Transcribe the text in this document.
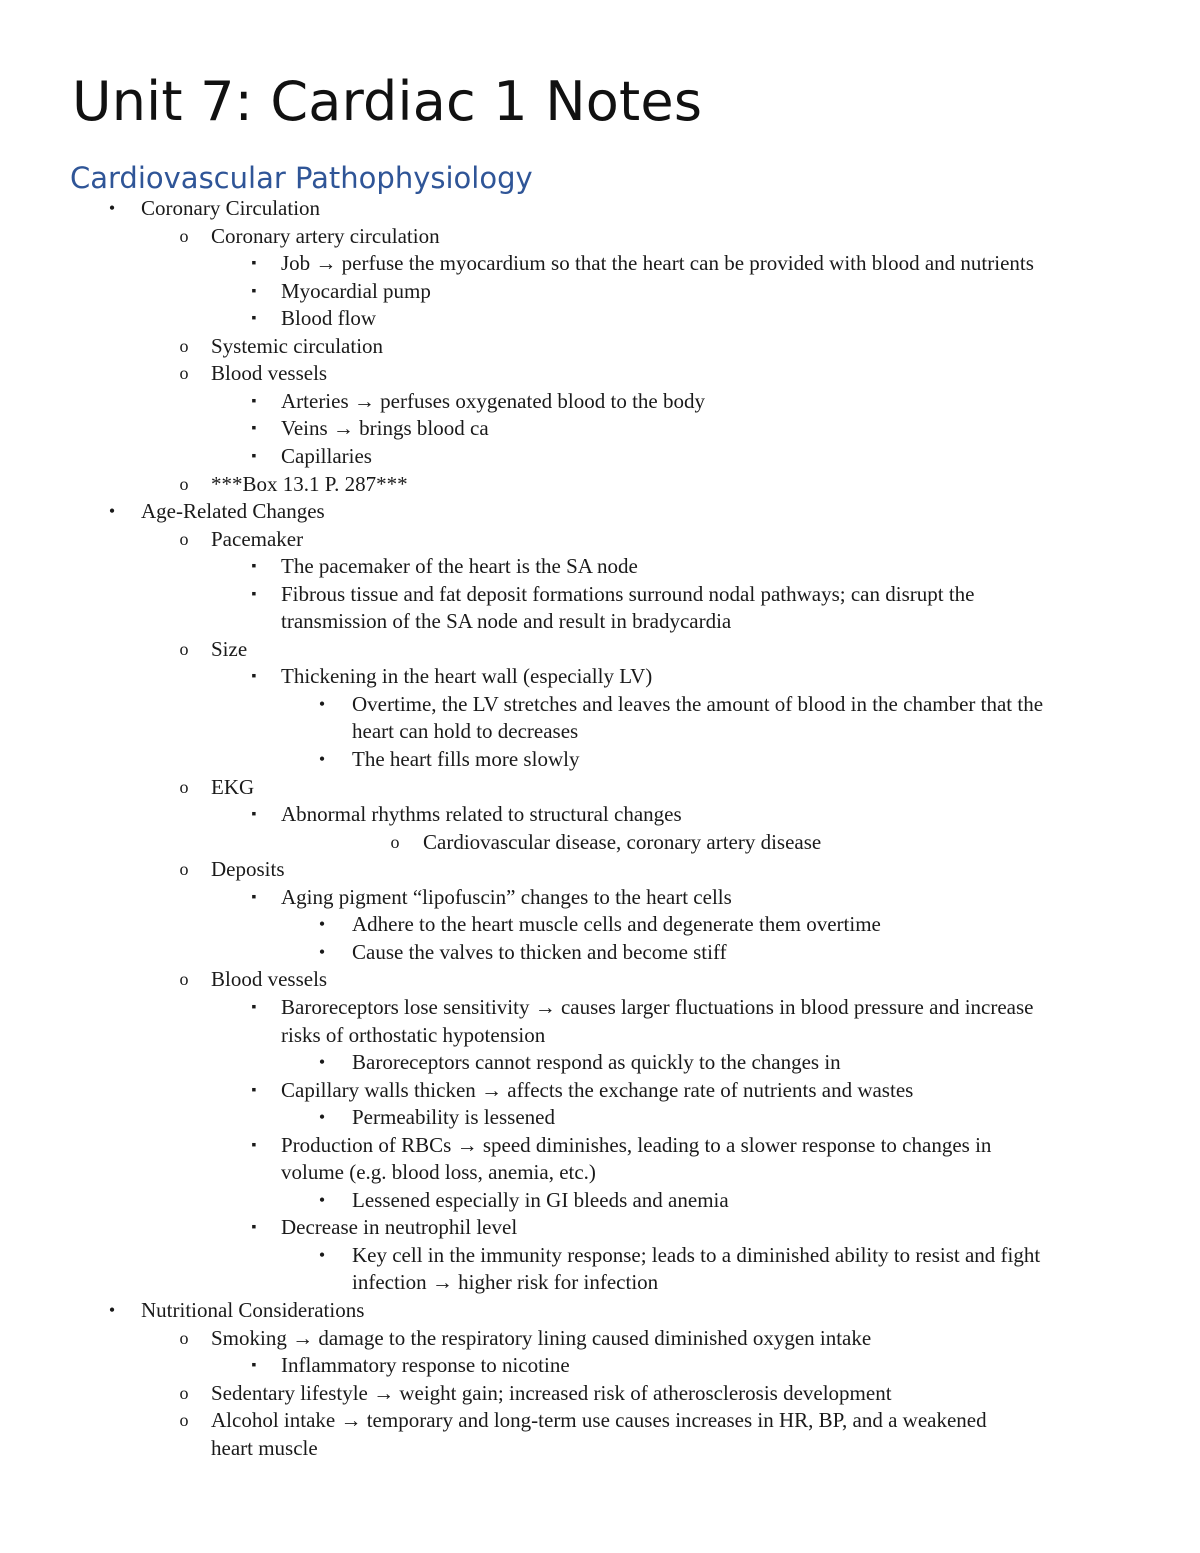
Unit 7: Cardiac 1 Notes
Cardiovascular Pathophysiology
• Coronary Circulation
o Coronary artery circulation
▪	Job → perfuse the myocardium so that the heart can be provided with blood and nutrients
▪	Myocardial pump
▪	Blood flow
o Systemic circulation
o Blood vessels
▪	Arteries → perfuses oxygenated blood to the body
▪	Veins → brings blood ca
▪	Capillaries
o ***Box 13.1 P. 287***
• Age-Related Changes
o Pacemaker
▪	The pacemaker of the heart is the SA node
▪	Fibrous tissue and fat deposit formations surround nodal pathways; can disrupt the
transmission of the SA node and result in bradycardia
o Size
▪	Thickening in the heart wall (especially LV)
• Overtime, the LV stretches and leaves the amount of blood in the chamber that the
heart can hold to decreases
• The heart fills more slowly
o EKG
▪	Abnormal rhythms related to structural changes
o Cardiovascular disease, coronary artery disease
o Deposits
▪	Aging pigment “lipofuscin” changes to the heart cells
• Adhere to the heart muscle cells and degenerate them overtime
• Cause the valves to thicken and become stiff
o Blood vessels
▪	Baroreceptors lose sensitivity → causes larger fluctuations in blood pressure and increase
risks of orthostatic hypotension
• Baroreceptors cannot respond as quickly to the changes in
▪	Capillary walls thicken → affects the exchange rate of nutrients and wastes
• Permeability is lessened
▪	Production of RBCs → speed diminishes, leading to a slower response to changes in
volume (e.g. blood loss, anemia, etc.)
• Lessened especially in GI bleeds and anemia
▪	Decrease in neutrophil level
• Key cell in the immunity response; leads to a diminished ability to resist and fight
infection → higher risk for infection
• Nutritional Considerations
o Smoking → damage to the respiratory lining caused diminished oxygen intake
▪	Inflammatory response to nicotine
o Sedentary lifestyle → weight gain; increased risk of atherosclerosis development
o Alcohol intake → temporary and long-term use causes increases in HR, BP, and a weakened
heart muscle
